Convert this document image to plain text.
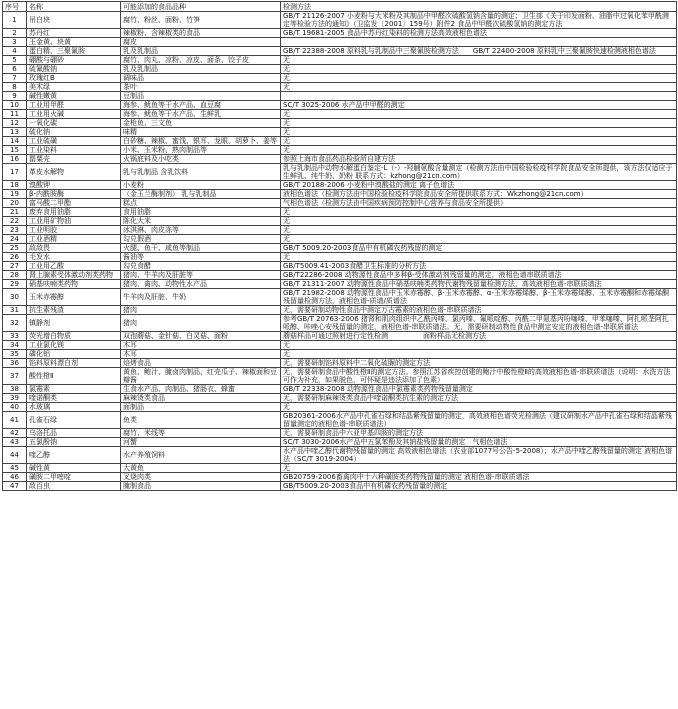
序号	名称	可能添加的食品品种	检测方法
1	吊白块	腐竹、粉丝、面粉、竹笋	GB/T 21126-2007 小麦粉与大米粉及其制品中甲醛次硫酸氢钠含量的测定；卫生部《关于印发面粉、油脂中过氧化苯甲酰测定等检验方法的通知》（卫监发〔2001〕159号）附件2 食品中甲醛次硫酸氢钠的测定方法
2	苏丹红	辣椒粉、含辣椒类的食品	GB/T 19681-2005 食品中苏丹红染料的检测方法高效液相色谱法
3	王金黄、块黄	腐皮	
4	蛋白精、三聚氰胺	乳及乳制品	GB/T 22388-2008 原料乳与乳制品中三聚氰胺检测方法　　GB/T 22400-2008 原料乳中三聚氰胺快速检测液相色谱法
5	硼酸与硼砂	腐竹、肉丸、凉粉、凉皮、面条、饺子皮	无
6	硫氰酸钠	乳及乳制品	无
7	玫瑰红B	调味品	无
8	美术绿	茶叶	无
9	碱性嫩黄	豆制品	
10	工业用甲醛	海参、鱿鱼等干水产品、血豆腐	SC/T 3025-2006 水产品中甲醛的测定
11	工业用火碱	海参、鱿鱼等干水产品、生鲜乳	无
12	一氧化碳	金枪鱼、三文鱼	无
13	硫化钠	味精	无
14	工业硫磺	白砂糖、辣椒、蜜饯、银耳、龙眼、胡萝卜、姜等	无
15	工业染料	小米、玉米粉、熟肉制品等	无
16	罂粟壳	火锅底料及小吃类	参照上海市食品药品检验所自建方法
17	革皮水解物	乳与乳制品 含乳饮料	乳与乳制品中动物水解蛋白鉴定-L（-）-羟脯氨酸含量测定（检测方法由中国检验检疫科学院食品安全所提供，该方法仅适应于生鲜乳、纯牛奶、奶粉 联系方式：kzhong@21cn.com）
18	溴酸钾	小麦粉	GB/T 20188-2006 小麦粉中溴酸盐的测定 离子色谱法
19	β-内酰胺酶	（金玉兰酶制剂） 乳与乳制品	液相色谱法（检测方法由中国检验检疫科学院食品安全所提供联系方式：Wkzhong@21cn.com）
20	富马酸二甲酯	糕点	气相色谱法（检测方法由中国疾病预防控制中心营养与食品安全所提供）
21	废弃食用油脂	食用油脂	无
22	工业用矿物油	陈化大米	无
23	工业明胶	冰淇淋、肉皮冻等	无
24	工业酒精	勾兑假酒	无
25	敌敌畏	火腿、鱼干、咸鱼等制品	GB/T 5009.20-2003食品中有机磷农药残留的测定
26	毛发水	酱油等	无
27	工业用乙酸	勾兑食醋	GB/T5009.41-2003食醋卫生标准的分析方法
28	肾上腺素受体激动剂类药物	猪肉、牛羊肉及肝脏等	GB/T22286-2008 动物源性食品中多种β-受体激动剂残留量的测定，液相色谱串联质谱法
29	硝基呋喃类药物	猪肉、禽肉、动物性水产品	GB/T 21311-2007 动物源性食品中硝基呋喃类药物代谢物残留量检测方法，高效液相色谱-串联质谱法
30	玉米赤霉醇	牛羊肉及肝脏、牛奶	GB/T 21982-2008 动物源性食品中玉米赤霉醇、β-玉米赤霉醇、α-玉米赤霉烯醇、β-玉米赤霉烯醇、玉米赤霉酮和赤霉烯酮残留量检测方法，液相色谱-质谱/质谱法
31	抗生素残渣	猪肉	无，需要研制动物性食品中测定万古霉素的液相色谱-串联质谱法
32	镇静剂	猪肉	参考GB/T 20763-2006 猪肾和肌肉组织中乙酰丙嗪、氯丙嗪、氟哌啶醇、丙酰二甲氨基丙吩噻嗪、甲苯噻嗪、阿扎哌垄阿扎哌醇、咔唑心安残留量的测定，液相色谱-串联质谱法。无，需要研制动物性食品中测定安定的液相色谱-串联质谱法
33	荧光增白物质	双孢蘑菇、金针菇、白灵菇、面粉	蘑菇样品可通过照射进行定性检测　　　　　面粉样品无检测方法
34	工业氯化镁	木耳	无
35	磷化铝	木耳	无
36	馅料原料漂白剂	焙烤食品	无，需要研制馅料原料中二氧化硫脲的测定方法
37	酸性橙Ⅱ	黄鱼、鲍汁、腌卤肉制品、红壳瓜子、辣椒面和豆瓣酱	无，需要研制食品中酸性橙Ⅱ的测定方法。参照江苏省疾控创建的鲍汁中酸性橙Ⅱ的高效液相色谱-串联质谱法（说明：水洗方法可作为补充，如果脱色，可怀疑是违法添加了色素）
38	氯霉素	生食水产品、肉制品、猪肠衣、蜂蜜	GB/T 22338-2008 动物源性食品中氯霉素类药物残留量测定
39	喹诺酮类	麻辣烫类食品	无，需要研制麻辣烫类食品中喹诺酮类抗生素的测定方法
40	水玻璃	面制品	无
41	孔雀石绿	鱼类	GB20361-2006水产品中孔雀石绿和结晶紫残留量的测定，高效液相色谱荧光检测法（建议研制水产品中孔雀石绿和结晶紫残留量测定的液相色谱-串联质谱法）
42	乌洛托品	腐竹、米线等	无，需要研制食品中六亚甲基四胺的测定方法
43	五氯酚钠	河蟹	SC/T 3030-2006水产品中五氯苯酚及其钠盐残留量的测定　气相色谱法
44	喹乙醇	水产养殖饲料	水产品中喹乙醇代谢物残留量的测定 高效液相色谱法（农业部1077号公告-5-2008）；水产品中喹乙醇残留量的测定 液相色谱法（SC/T 3019-2004）
45	碱性黄	大黄鱼	无
46	磺胺二甲嘧啶	叉烧肉类	GB20759-2006畜禽肉中十六种磺胺类药物残留量的测定 液相色谱-串联质谱法
47	敌百虫	腌制食品	GB/T5009.20-2003食品中有机磷农药残留量的测定
